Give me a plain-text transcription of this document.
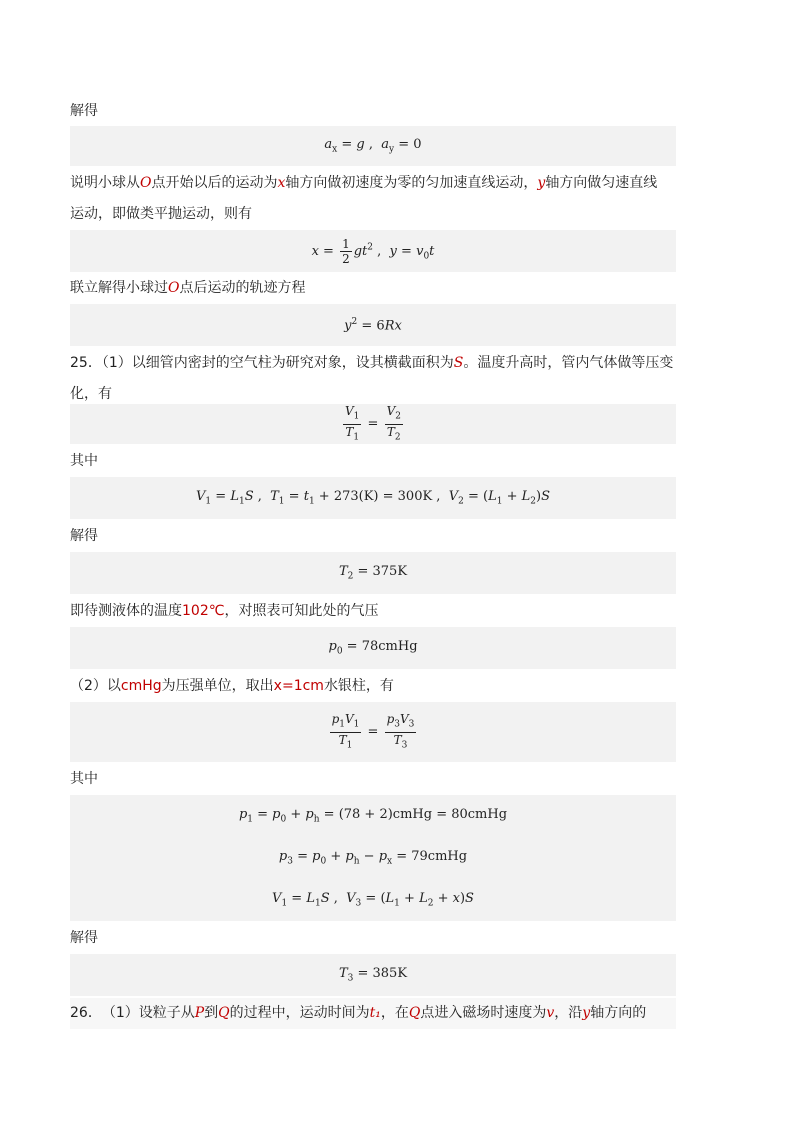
解得

$a_x = g$ ,  $a_y = 0$

说明小球从O点开始以后的运动为x轴方向做初速度为零的匀加速直线运动，y轴方向做匀速直线

运动，即做类平抛运动，则有

$x = \frac{1}{2} gt^2$ ,  $y = v_0t$

联立解得小球过O点后运动的轨迹方程

$y^2 = 6Rx$

25．（1）以细管内密封的空气柱为研究对象，设其横截面积为S。温度升高时，管内气体做等压变

化，有

$\frac{V_1}{T_1} = \frac{V_2}{T_2}$

其中

$V_1 = L_1S$ ,  $T_1 = t_1 + 273(K) = 300K$ ,  $V_2 = (L_1 + L_2)S$

解得

$T_2 = 375K$

即待测液体的温度102℃，对照表可知此处的气压

$p_0$ = 78cmHg

（2）以cmHg为压强单位，取出x=1cm水银柱，有

$\frac{p_1V_1}{T_1} = \frac{p_3V_3}{T_3}$

其中

$p_1 = p_0 + p_h = (78$ + 2)cmHg = 80cmHg
$p_3 = p_0 + p_h - p_x$ = 79cmHg
$V_1 = L_1S$ ,  $V_3 = (L_1 + L_2 + x)S$

解得

$T_3 = 385K$

26．　（1）设粒子从P到Q的过程中，运动时间为t₁，在Q点进入磁场时速度为v，沿y轴方向的
